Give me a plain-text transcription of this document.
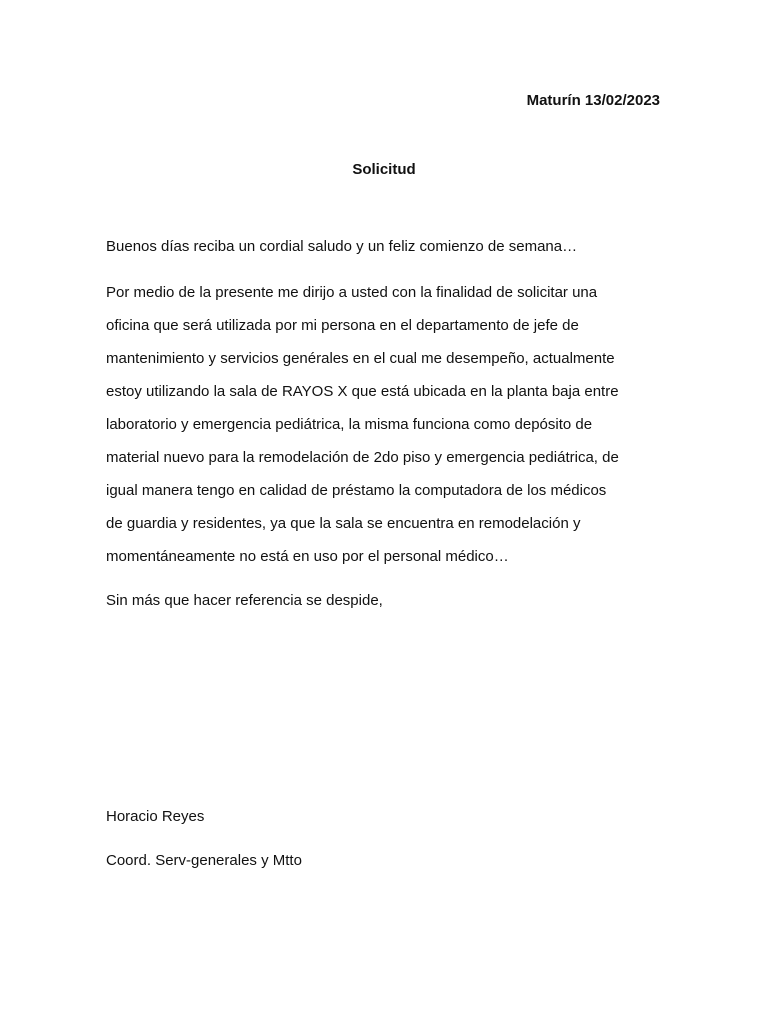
Maturín 13/02/2023
Solicitud
Buenos días reciba un cordial saludo y un feliz comienzo de semana…
Por medio de la presente me dirijo a usted con la finalidad de solicitar una
oficina que será utilizada por mi persona en el departamento de jefe de
mantenimiento y servicios genérales en el cual me desempeño, actualmente
estoy utilizando la sala de RAYOS X que está ubicada en la planta baja entre
laboratorio y emergencia pediátrica, la misma funciona como depósito de
material nuevo para la remodelación de 2do piso y emergencia pediátrica, de
igual manera tengo en calidad de préstamo la computadora de los médicos
de guardia y residentes, ya que la sala se encuentra en remodelación y
momentáneamente no está en uso por el personal médico…
Sin más que hacer referencia se despide,
Horacio Reyes
Coord. Serv-generales y Mtto
